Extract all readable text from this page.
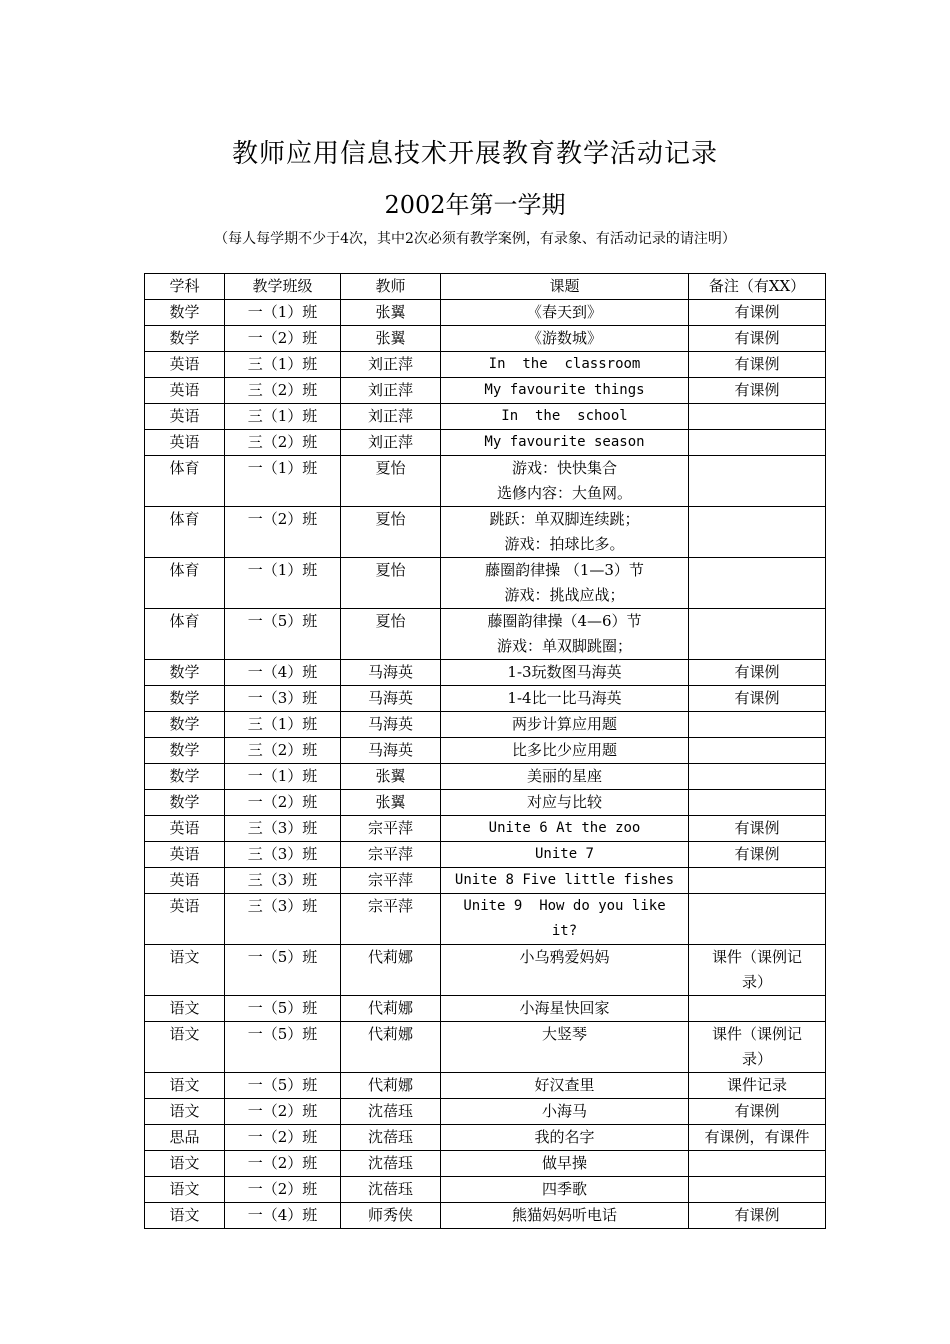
教师应用信息技术开展教育教学活动记录
2002年第一学期
（每人每学期不少于4次，其中2次必须有教学案例，有录象、有活动记录的请注明）
学科	教学班级	教师	课题	备注（有XX）

数学	一（1）班	张翼	《春天到》	有课例

数学	一（2）班	张翼	《游数城》	有课例

英语	三（1）班	刘正萍	In  the  classroom	有课例

英语	三（2）班	刘正萍	My favourite things	有课例

英语	三（1）班	刘正萍	In  the  school	

英语	三（2）班	刘正萍	My favourite season	

体育	一（1）班	夏怡	游戏：快快集合
选修内容：大鱼网。	

体育	一（2）班	夏怡	跳跃：单双脚连续跳；
游戏：拍球比多。	

体育	一（1）班	夏怡	藤圈韵律操 （1—3）节
游戏：挑战应战；	

体育	一（5）班	夏怡	藤圈韵律操（4—6）节
游戏：单双脚跳圈；	

数学	一（4）班	马海英	1-3玩数图马海英	有课例

数学	一（3）班	马海英	1-4比一比马海英	有课例

数学	三（1）班	马海英	两步计算应用题	

数学	三（2）班	马海英	比多比少应用题	

数学	一（1）班	张翼	美丽的星座	

数学	一（2）班	张翼	对应与比较	

英语	三（3）班	宗平萍	Unite 6 At the zoo	有课例

英语	三（3）班	宗平萍	Unite 7	有课例

英语	三（3）班	宗平萍	Unite 8 Five little fishes	

英语	三（3）班	宗平萍	Unite 9  How do you like
it?	

语文	一（5）班	代莉娜	小乌鸦爱妈妈	课件（课例记
录）

语文	一（5）班	代莉娜	小海星快回家	

语文	一（5）班	代莉娜	大竖琴	课件（课例记
录）

语文	一（5）班	代莉娜	好汉查里	课件记录

语文	一（2）班	沈蓓珏	小海马	有课例

思品	一（2）班	沈蓓珏	我的名字	有课例，有课件

语文	一（2）班	沈蓓珏	做早操	

语文	一（2）班	沈蓓珏	四季歌	

语文	一（4）班	师秀侠	熊猫妈妈听电话	有课例
